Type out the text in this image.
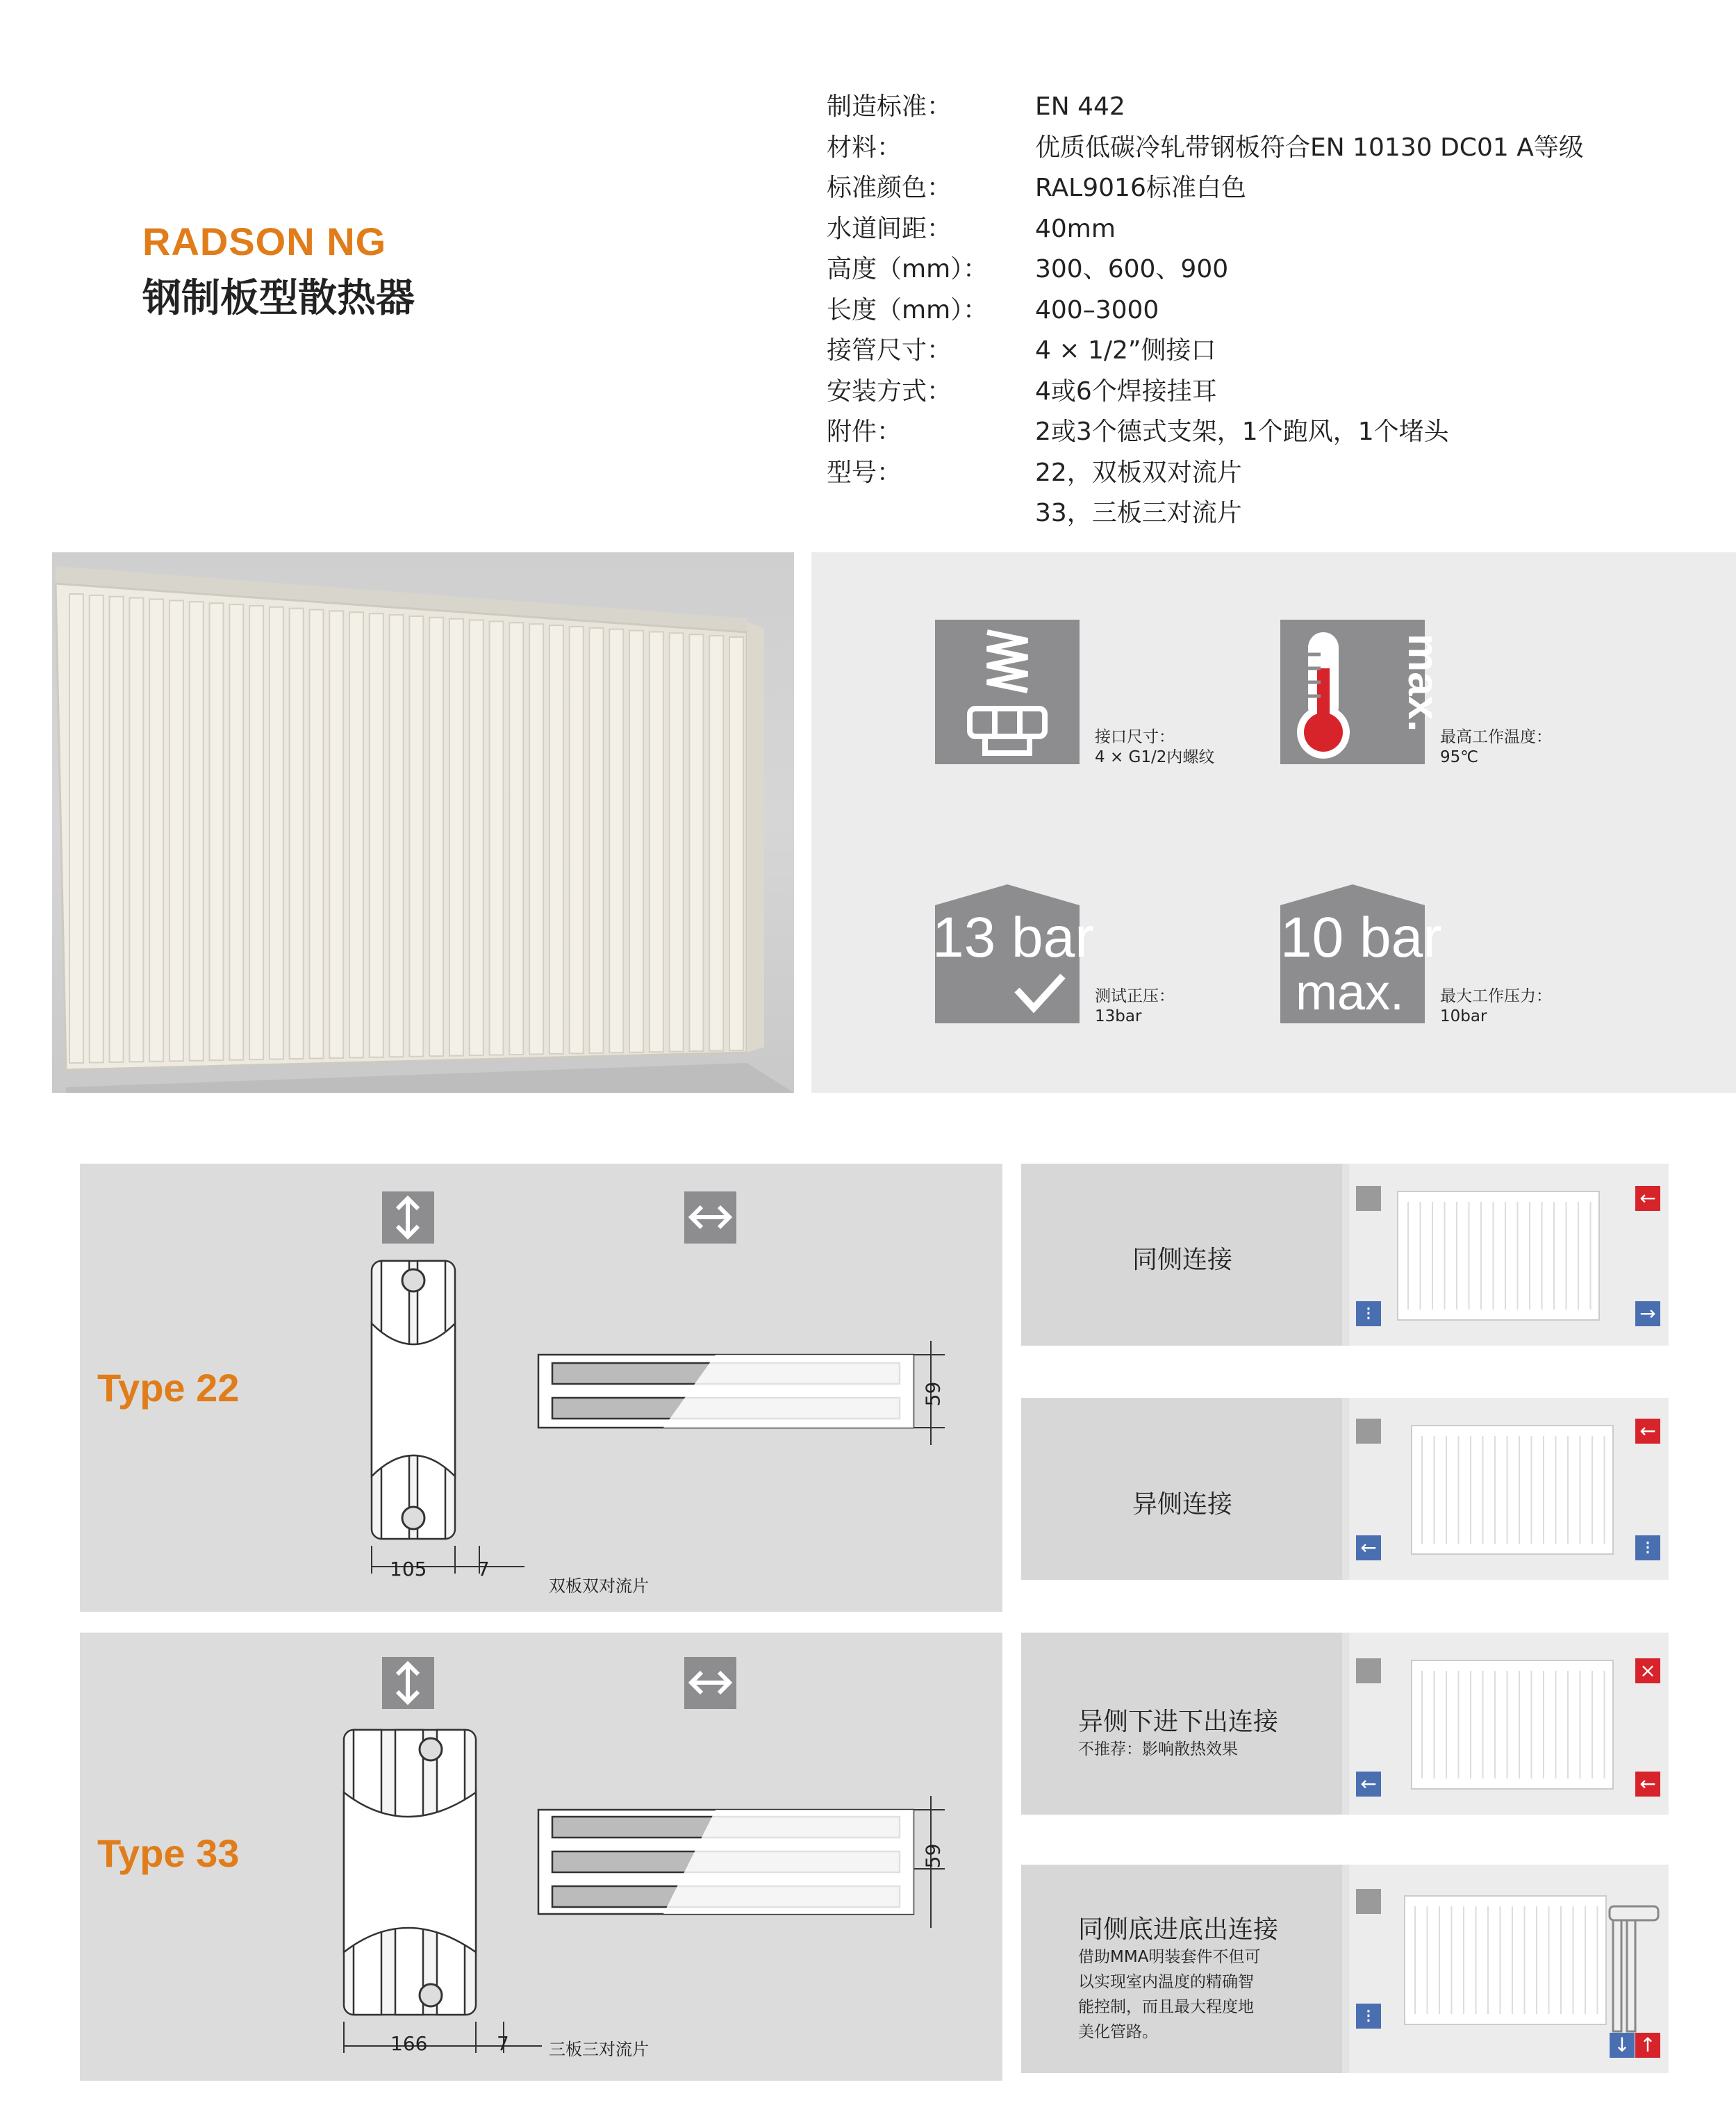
RADSON NG
钢制板型散热器
制造标准：	EN 442
材料：	优质低碳冷轧带钢板符合EN 10130 DC01 A等级
标准颜色：	RAL9016标准白色
水道间距：	40mm
高度（mm）：	300、600、900
长度（mm）：	400–3000
接管尺寸：	4 × 1/2”侧接口
安装方式：	4或6个焊接挂耳
附件：	2或3个德式支架，1个跑风，1个堵头
型号：	22，双板双对流片
33，三板三对流片
接口尺寸：
4 × G1/2内螺纹
max.
最高工作温度：
95℃
13 bar
测试正压：
13bar
10 bar
max. 最大工作压力：
10bar
Type 22
105	7
59
双板双对流片
Type 33
166	7
59
三板三对流片
同侧连接
←
⁝	→
异侧连接
←
←	⁝
异侧下进下出连接
不推荐：影响散热效果
×
←	←
同侧底进底出连接
借助MMA明装套件不但可
以实现室内温度的精确智
能控制，而且最大程度地
美化管路。
⁝
↓ ↑
